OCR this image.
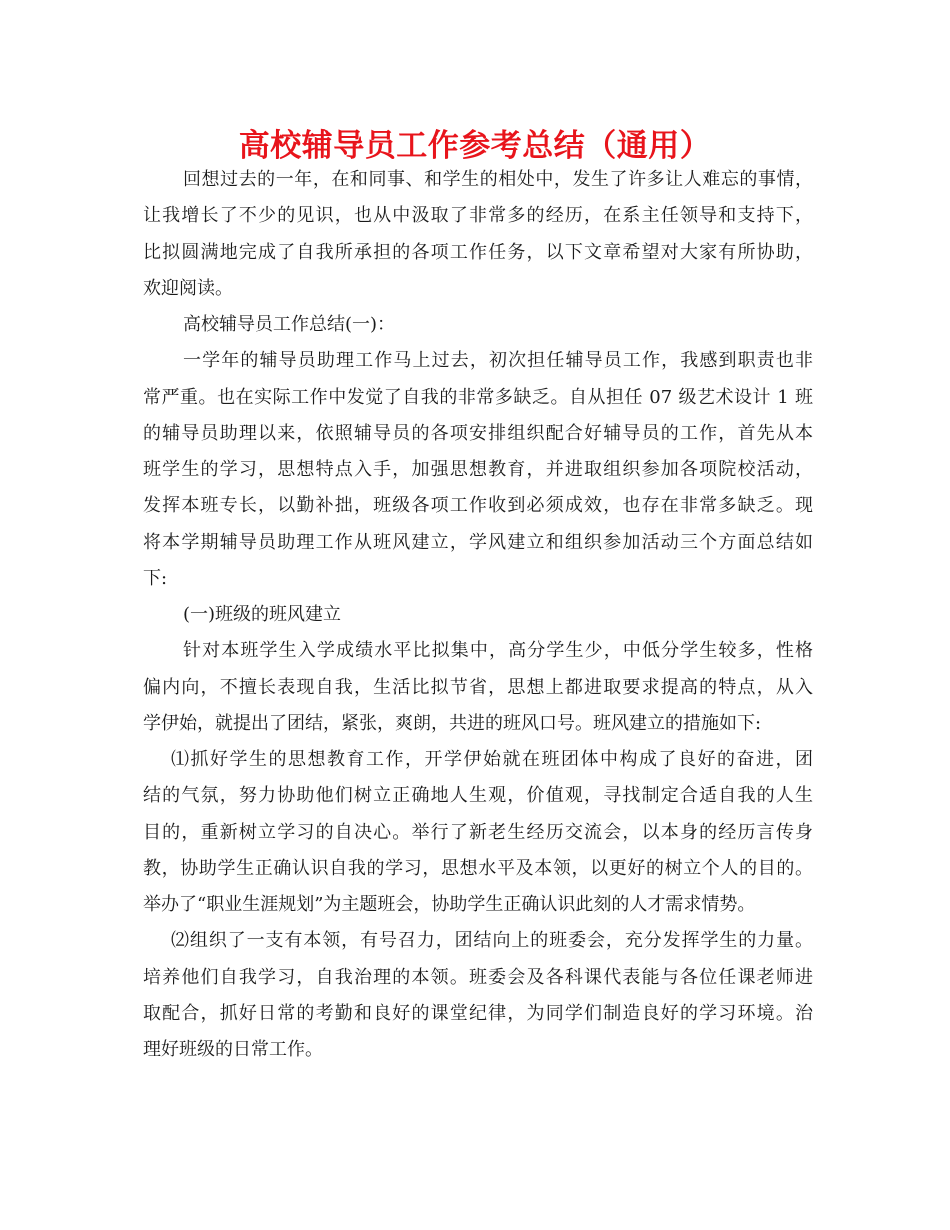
高校辅导员工作参考总结（通用）

回想过去的一年，在和同事、和学生的相处中，发生了许多让人难忘的事情，

让我增长了不少的见识，也从中汲取了非常多的经历，在系主任领导和支持下，

比拟圆满地完成了自我所承担的各项工作任务，以下文章希望对大家有所协助，

欢迎阅读。

高校辅导员工作总结(一)：

一学年的辅导员助理工作马上过去，初次担任辅导员工作，我感到职责也非

常严重。也在实际工作中发觉了自我的非常多缺乏。自从担任 07 级艺术设计 1 班

的辅导员助理以来，依照辅导员的各项安排组织配合好辅导员的工作，首先从本

班学生的学习，思想特点入手，加强思想教育，并进取组织参加各项院校活动，

发挥本班专长，以勤补拙，班级各项工作收到必须成效，也存在非常多缺乏。现

将本学期辅导员助理工作从班风建立，学风建立和组织参加活动三个方面总结如

下:

(一)班级的班风建立

针对本班学生入学成绩水平比拟集中，高分学生少，中低分学生较多，性格

偏内向，不擅长表现自我，生活比拟节省，思想上都进取要求提高的特点，从入

学伊始，就提出了团结，紧张，爽朗，共进的班风口号。班风建立的措施如下:

⑴抓好学生的思想教育工作，开学伊始就在班团体中构成了良好的奋进，团

结的气氛，努力协助他们树立正确地人生观，价值观，寻找制定合适自我的人生

目的，重新树立学习的自决心。举行了新老生经历交流会，以本身的经历言传身

教，协助学生正确认识自我的学习，思想水平及本领，以更好的树立个人的目的。

举办了“职业生涯规划”为主题班会，协助学生正确认识此刻的人才需求情势。

⑵组织了一支有本领，有号召力，团结向上的班委会，充分发挥学生的力量。

培养他们自我学习，自我治理的本领。班委会及各科课代表能与各位任课老师进

取配合，抓好日常的考勤和良好的课堂纪律，为同学们制造良好的学习环境。治

理好班级的日常工作。
